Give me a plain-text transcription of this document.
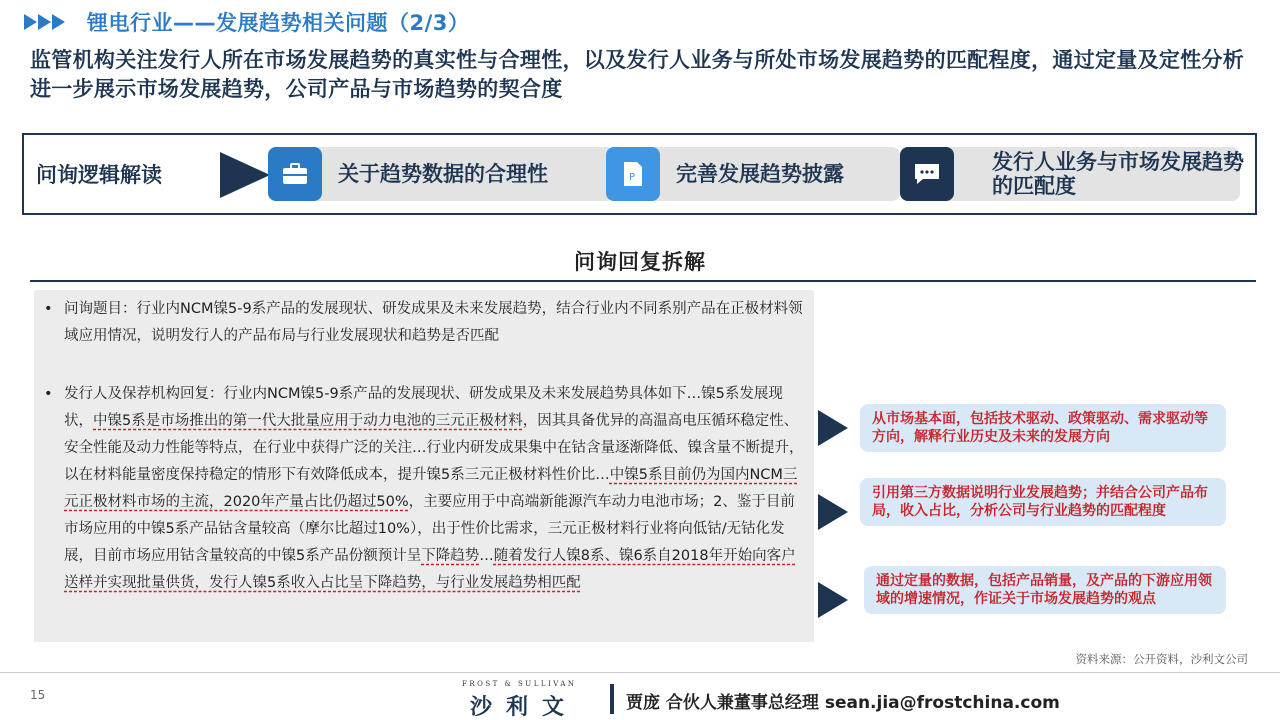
锂电行业——发展趋势相关问题（2/3）
监管机构关注发行人所在市场发展趋势的真实性与合理性，以及发行人业务与所处市场发展趋势的匹配程度，通过定量及定性分析进一步展示市场发展趋势，公司产品与市场趋势的契合度
问询逻辑解读	关于趋势数据的合理性	P 完善发展趋势披露	发行人业务与市场发展趋势的匹配度
问询回复拆解
• 问询题目：行业内NCM镍5-9系产品的发展现状、研发成果及未来发展趋势，结合行业内不同系别产品在正极材料领域应用情况，说明发行人的产品布局与行业发展现状和趋势是否匹配
• 发行人及保荐机构回复：行业内NCM镍5-9系产品的发展现状、研发成果及未来发展趋势具体如下…镍5系发展现状，中镍5系是市场推出的第一代大批量应用于动力电池的三元正极材料，因其具备优异的高温高电压循环稳定性、安全性能及动力性能等特点，在行业中获得广泛的关注…行业内研发成果集中在钴含量逐渐降低、镍含量不断提升，以在材料能量密度保持稳定的情形下有效降低成本，提升镍5系三元正极材料性价比…中镍5系目前仍为国内NCM三元正极材料市场的主流，2020年产量占比仍超过50%，主要应用于中高端新能源汽车动力电池市场；2、鉴于目前市场应用的中镍5系产品钴含量较高（摩尔比超过10%），出于性价比需求，三元正极材料行业将向低钴/无钴化发展，目前市场应用钴含量较高的中镍5系产品份额预计呈下降趋势…随着发行人镍8系、镍6系自2018年开始向客户送样并实现批量供货，发行人镍5系收入占比呈下降趋势，与行业发展趋势相匹配
从市场基本面，包括技术驱动、政策驱动、需求驱动等方向，解释行业历史及未来的发展方向
引用第三方数据说明行业发展趋势；并结合公司产品布局，收入占比，分析公司与行业趋势的匹配程度
通过定量的数据，包括产品销量，及产品的下游应用领域的增速情况，作证关于市场发展趋势的观点
资料来源：公开资料，沙利文公司
15
FROST & SULLIVAN
沙利文	贾庞 合伙人兼董事总经理 sean.jia@frostchina.com
